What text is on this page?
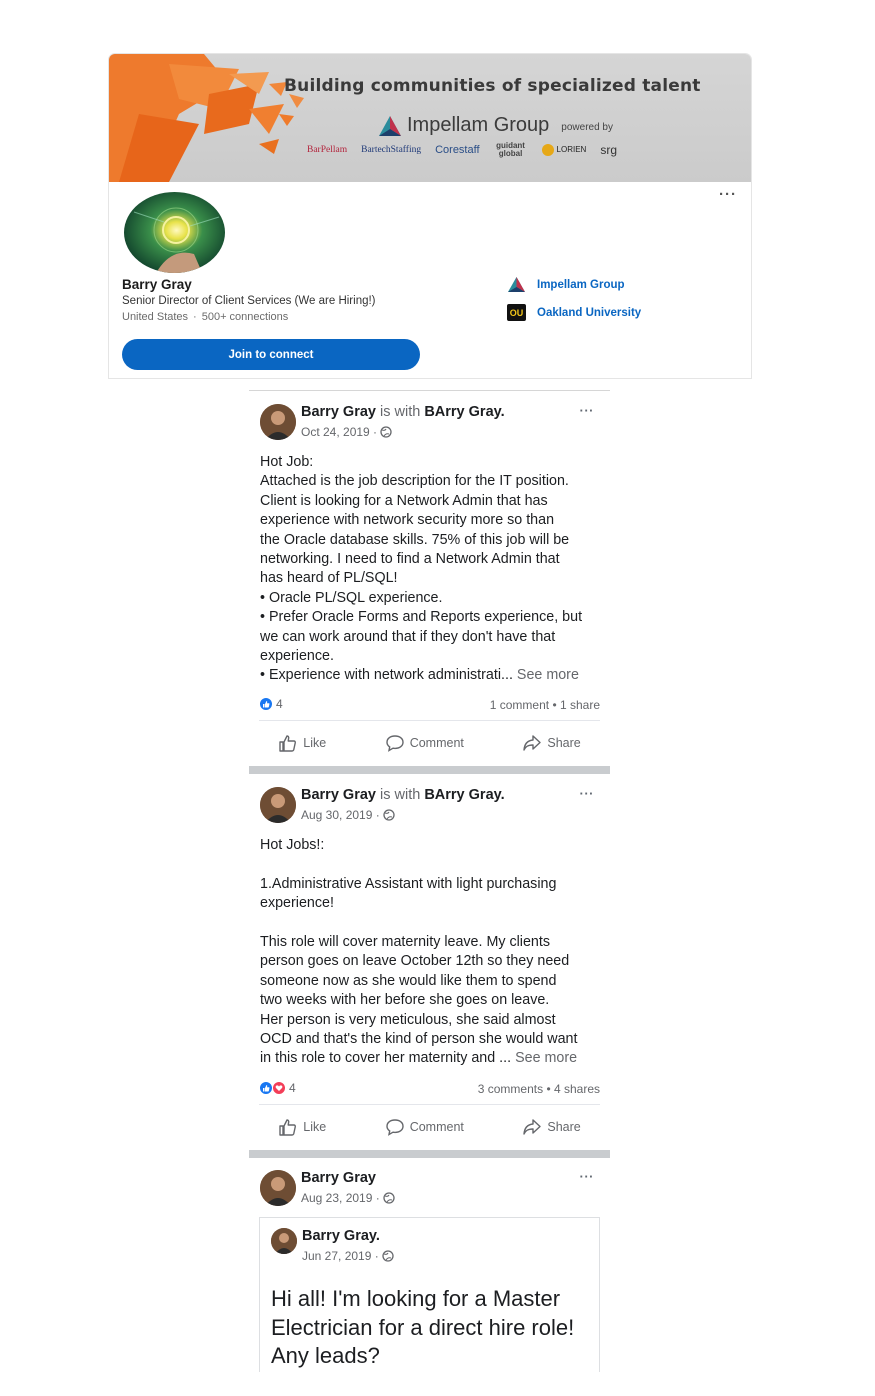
Building communities of specialized talent
Impellam Group powered by
BarPellam BartechStaffing Corestaff	guidant global	LORIEN srg
···
Barry Gray
Senior Director of Client Services (We are Hiring!)
United States · 500+ connections
Join to connect
Impellam Group
OU Oakland University
Barry Gray is with BArry Gray.
Oct 24, 2019 ·
···
Hot Job:
Attached is the job description for the IT position.
Client is looking for a Network Admin that has
experience with network security more so than
the Oracle database skills. 75% of this job will be
networking. I need to find a Network Admin that
has heard of PL/SQL!
• Oracle PL/SQL experience.
• Prefer Oracle Forms and Reports experience, but
we can work around that if they don't have that
experience.
• Experience with network administrati... See more
4	1 comment • 1 share
Like	Comment	Share
Barry Gray is with BArry Gray.
Aug 30, 2019 ·
···
Hot Jobs!:
1.Administrative Assistant with light purchasing
experience!
This role will cover maternity leave. My clients
person goes on leave October 12th so they need
someone now as she would like them to spend
two weeks with her before she goes on leave.
Her person is very meticulous, she said almost
OCD and that's the kind of person she would want
in this role to cover her maternity and ... See more
4	3 comments • 4 shares
Like	Comment	Share
Barry Gray
Aug 23, 2019 ·
···
Barry Gray.
Jun 27, 2019 ·
Hi all! I'm looking for a Master
Electrician for a direct hire role!
Any leads?
